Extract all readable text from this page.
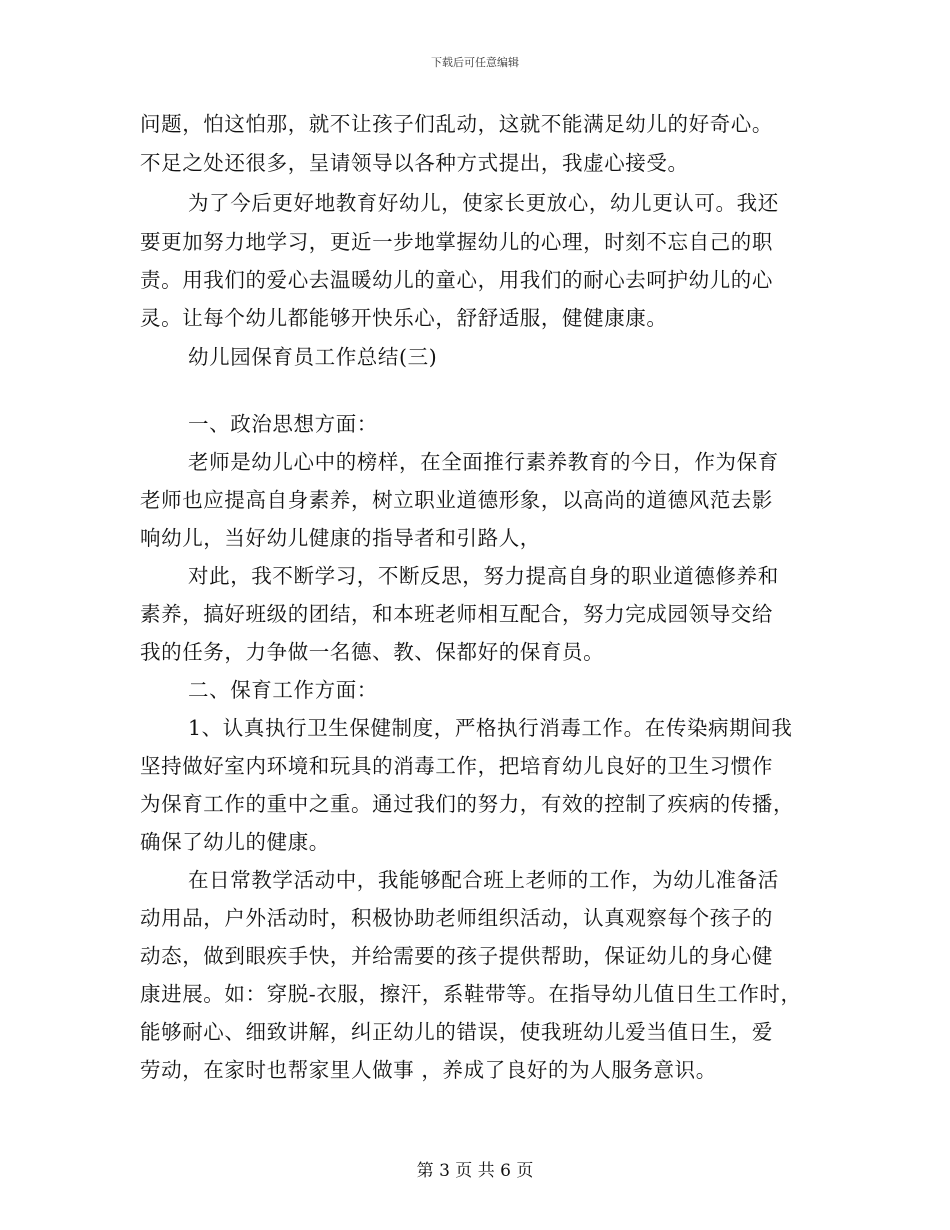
下载后可任意编辑
问题，怕这怕那，就不让孩子们乱动，这就不能满足幼儿的好奇心。
不足之处还很多，呈请领导以各种方式提出，我虚心接受。
为了今后更好地教育好幼儿，使家长更放心，幼儿更认可。我还
要更加努力地学习，更近一步地掌握幼儿的心理，时刻不忘自己的职
责。用我们的爱心去温暖幼儿的童心，用我们的耐心去呵护幼儿的心
灵。让每个幼儿都能够开快乐心，舒舒适服，健健康康。
幼儿园保育员工作总结(三)
一、政治思想方面：
老师是幼儿心中的榜样，在全面推行素养教育的今日，作为保育
老师也应提高自身素养，树立职业道德形象，以高尚的道德风范去影
响幼儿，当好幼儿健康的指导者和引路人，
对此，我不断学习，不断反思，努力提高自身的职业道德修养和
素养，搞好班级的团结，和本班老师相互配合，努力完成园领导交给
我的任务，力争做一名德、教、保都好的保育员。
二、保育工作方面：
1、认真执行卫生保健制度，严格执行消毒工作。在传染病期间我
坚持做好室内环境和玩具的消毒工作，把培育幼儿良好的卫生习惯作
为保育工作的重中之重。通过我们的努力，有效的控制了疾病的传播，
确保了幼儿的健康。
在日常教学活动中，我能够配合班上老师的工作，为幼儿准备活
动用品，户外活动时，积极协助老师组织活动，认真观察每个孩子的
动态，做到眼疾手快，并给需要的孩子提供帮助，保证幼儿的身心健
康进展。如：穿脱-衣服，擦汗，系鞋带等。在指导幼儿值日生工作时，
能够耐心、细致讲解，纠正幼儿的错误，使我班幼儿爱当值日生，爱
劳动，在家时也帮家里人做事 ，养成了良好的为人服务意识。
第 3 页 共 6 页
